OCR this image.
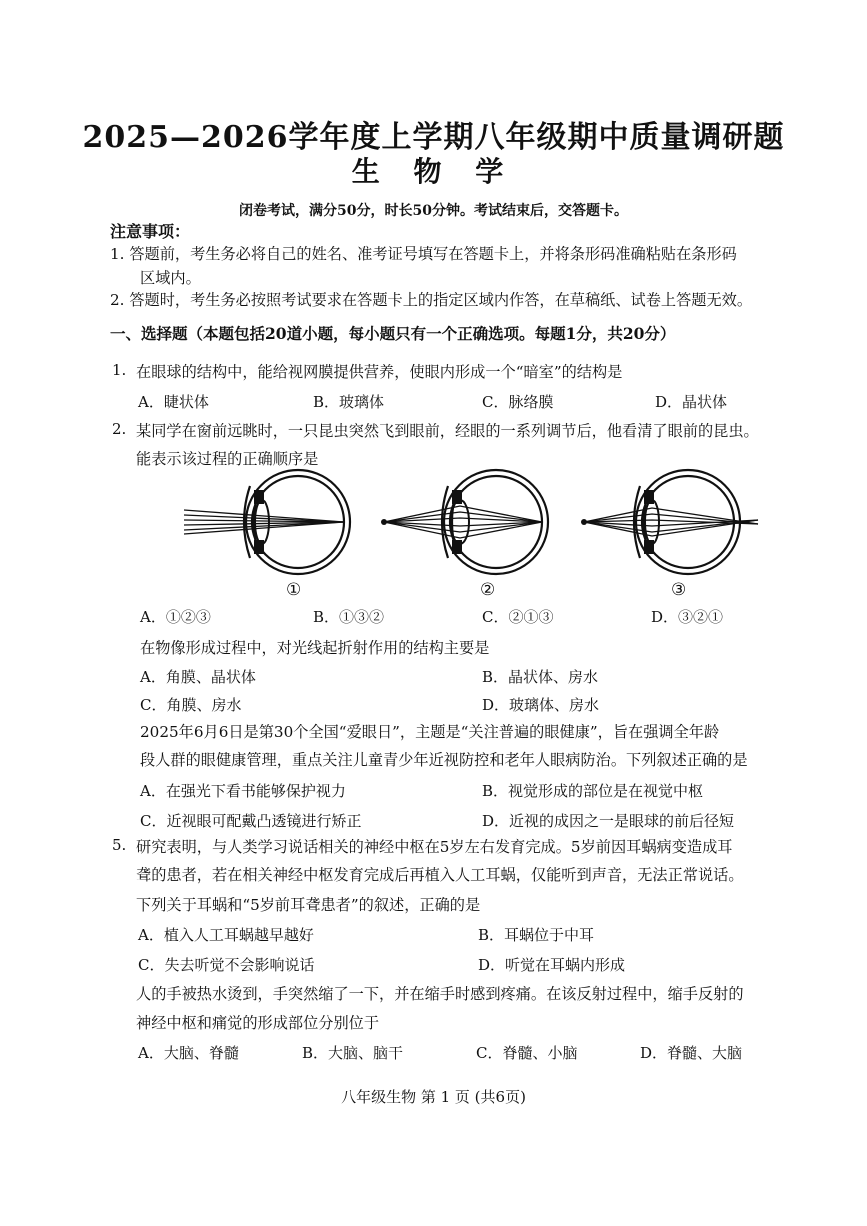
2025—2026学年度上学期八年级期中质量调研题
生 物 学
闭卷考试，满分50分，时长50分钟。考试结束后，交答题卡。
注意事项：
1. 答题前，考生务必将自己的姓名、准考证号填写在答题卡上，并将条形码准确粘贴在条形码
区域内。
2. 答题时，考生务必按照考试要求在答题卡上的指定区域内作答，在草稿纸、试卷上答题无效。
一、选择题（本题包括20道小题，每小题只有一个正确选项。每题1分，共20分）
1. 在眼球的结构中，能给视网膜提供营养，使眼内形成一个“暗室”的结构是
A．睫状体	B．玻璃体	C．脉络膜	D．晶状体
2. 某同学在窗前远眺时，一只昆虫突然飞到眼前，经眼的一系列调节后，他看清了眼前的昆虫。
能表示该过程的正确顺序是
①	②	③
A．①②③	B．①③②	C．②①③	D．③②①
在物像形成过程中，对光线起折射作用的结构主要是
A．角膜、晶状体	B．晶状体、房水
C．角膜、房水	D．玻璃体、房水
2025年6月6日是第30个全国“爱眼日”，主题是“关注普遍的眼健康”，旨在强调全年龄
段人群的眼健康管理，重点关注儿童青少年近视防控和老年人眼病防治。下列叙述正确的是
A．在强光下看书能够保护视力	B．视觉形成的部位是在视觉中枢
C．近视眼可配戴凸透镜进行矫正	D．近视的成因之一是眼球的前后径短
5. 研究表明，与人类学习说话相关的神经中枢在5岁左右发育完成。5岁前因耳蜗病变造成耳
聋的患者，若在相关神经中枢发育完成后再植入人工耳蜗，仅能听到声音，无法正常说话。
下列关于耳蜗和“5岁前耳聋患者”的叙述，正确的是
A．植入人工耳蜗越早越好	B．耳蜗位于中耳
C．失去听觉不会影响说话	D．听觉在耳蜗内形成
人的手被热水烫到，手突然缩了一下，并在缩手时感到疼痛。在该反射过程中，缩手反射的
神经中枢和痛觉的形成部位分别位于
A．大脑、脊髓	B．大脑、脑干	C．脊髓、小脑	D．脊髓、大脑
八年级生物 第 1 页 (共6页)
